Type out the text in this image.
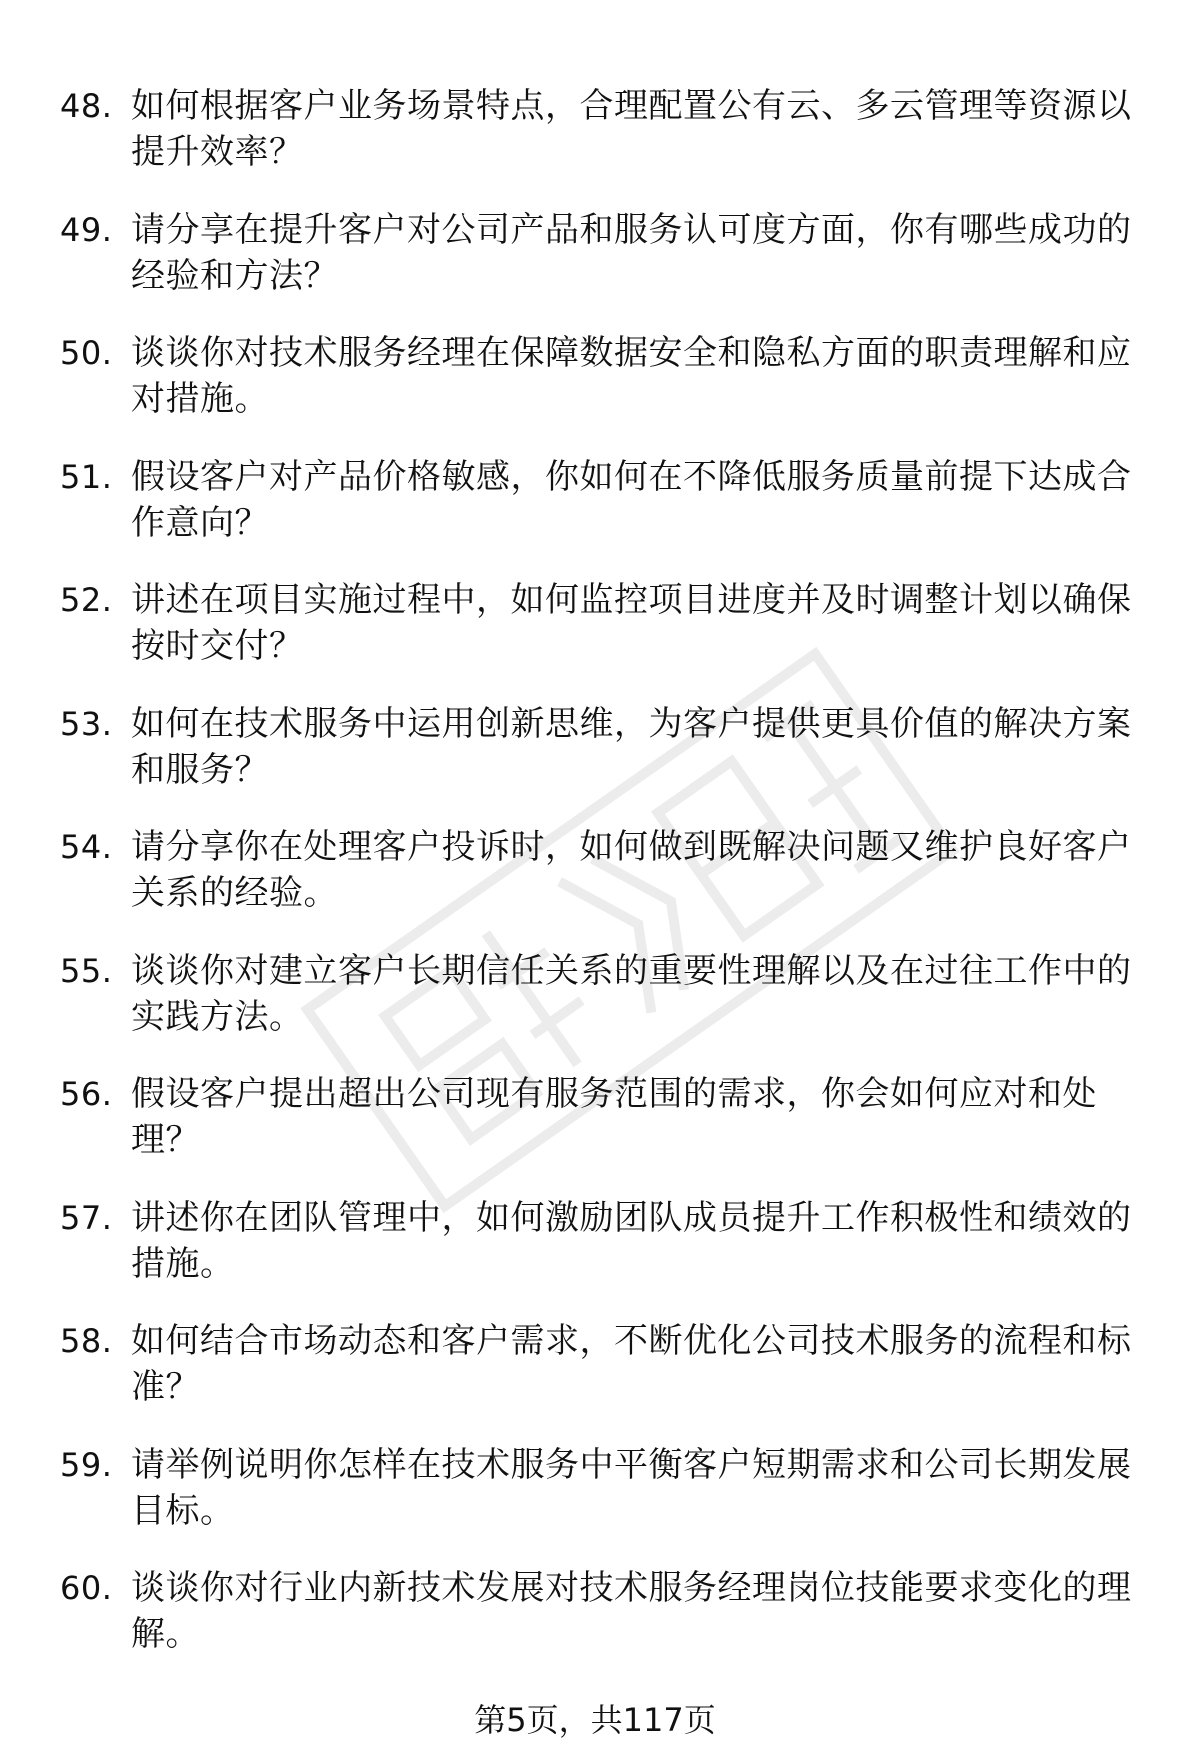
48. 如何根据客户业务场景特点，合理配置公有云、多云管理等资源以提升效率？
49. 请分享在提升客户对公司产品和服务认可度方面，你有哪些成功的经验和方法？
50. 谈谈你对技术服务经理在保障数据安全和隐私方面的职责理解和应对措施。
51. 假设客户对产品价格敏感，你如何在不降低服务质量前提下达成合作意向？
52. 讲述在项目实施过程中，如何监控项目进度并及时调整计划以确保按时交付？
53. 如何在技术服务中运用创新思维，为客户提供更具价值的解决方案和服务？
54. 请分享你在处理客户投诉时，如何做到既解决问题又维护良好客户关系的经验。
55. 谈谈你对建立客户长期信任关系的重要性理解以及在过往工作中的实践方法。
56. 假设客户提出超出公司现有服务范围的需求，你会如何应对和处理？
57. 讲述你在团队管理中，如何激励团队成员提升工作积极性和绩效的措施。
58. 如何结合市场动态和客户需求，不断优化公司技术服务的流程和标准？
59. 请举例说明你怎样在技术服务中平衡客户短期需求和公司长期发展目标。
60. 谈谈你对行业内新技术发展对技术服务经理岗位技能要求变化的理解。
第5页，共117页
